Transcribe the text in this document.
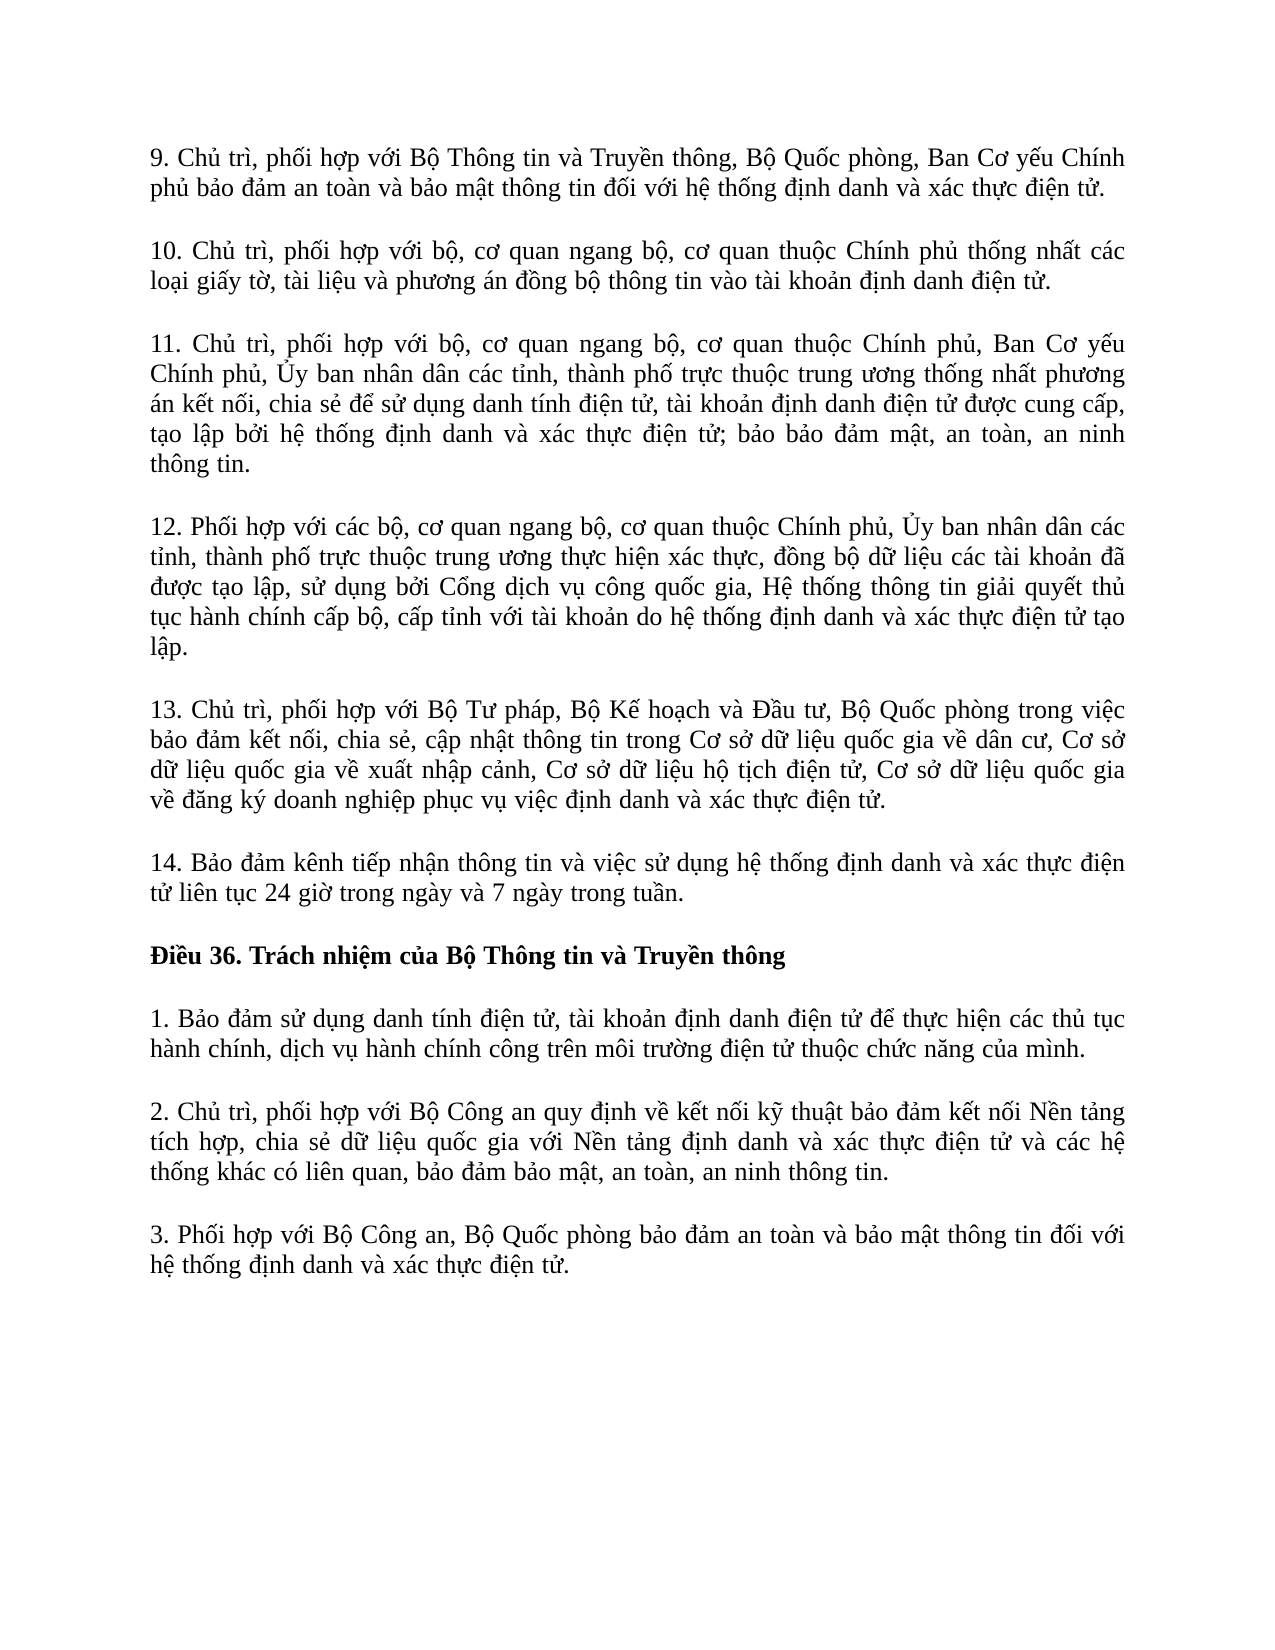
9. Chủ trì, phối hợp với Bộ Thông tin và Truyền thông, Bộ Quốc phòng, Ban Cơ yếu Chính phủ bảo đảm an toàn và bảo mật thông tin đối với hệ thống định danh và xác thực điện tử.

10. Chủ trì, phối hợp với bộ, cơ quan ngang bộ, cơ quan thuộc Chính phủ thống nhất các loại giấy tờ, tài liệu và phương án đồng bộ thông tin vào tài khoản định danh điện tử.

11. Chủ trì, phối hợp với bộ, cơ quan ngang bộ, cơ quan thuộc Chính phủ, Ban Cơ yếu Chính phủ, Ủy ban nhân dân các tỉnh, thành phố trực thuộc trung ương thống nhất phương án kết nối, chia sẻ để sử dụng danh tính điện tử, tài khoản định danh điện tử được cung cấp, tạo lập bởi hệ thống định danh và xác thực điện tử; bảo bảo đảm mật, an toàn, an ninh thông tin.

12. Phối hợp với các bộ, cơ quan ngang bộ, cơ quan thuộc Chính phủ, Ủy ban nhân dân các tỉnh, thành phố trực thuộc trung ương thực hiện xác thực, đồng bộ dữ liệu các tài khoản đã được tạo lập, sử dụng bởi Cổng dịch vụ công quốc gia, Hệ thống thông tin giải quyết thủ tục hành chính cấp bộ, cấp tỉnh với tài khoản do hệ thống định danh và xác thực điện tử tạo lập.

13. Chủ trì, phối hợp với Bộ Tư pháp, Bộ Kế hoạch và Đầu tư, Bộ Quốc phòng trong việc bảo đảm kết nối, chia sẻ, cập nhật thông tin trong Cơ sở dữ liệu quốc gia về dân cư, Cơ sở dữ liệu quốc gia về xuất nhập cảnh, Cơ sở dữ liệu hộ tịch điện tử, Cơ sở dữ liệu quốc gia về đăng ký doanh nghiệp phục vụ việc định danh và xác thực điện tử.

14. Bảo đảm kênh tiếp nhận thông tin và việc sử dụng hệ thống định danh và xác thực điện tử liên tục 24 giờ trong ngày và 7 ngày trong tuần.

Điều 36. Trách nhiệm của Bộ Thông tin và Truyền thông

1. Bảo đảm sử dụng danh tính điện tử, tài khoản định danh điện tử để thực hiện các thủ tục hành chính, dịch vụ hành chính công trên môi trường điện tử thuộc chức năng của mình.

2. Chủ trì, phối hợp với Bộ Công an quy định về kết nối kỹ thuật bảo đảm kết nối Nền tảng tích hợp, chia sẻ dữ liệu quốc gia với Nền tảng định danh và xác thực điện tử và các hệ thống khác có liên quan, bảo đảm bảo mật, an toàn, an ninh thông tin.

3. Phối hợp với Bộ Công an, Bộ Quốc phòng bảo đảm an toàn và bảo mật thông tin đối với hệ thống định danh và xác thực điện tử.
